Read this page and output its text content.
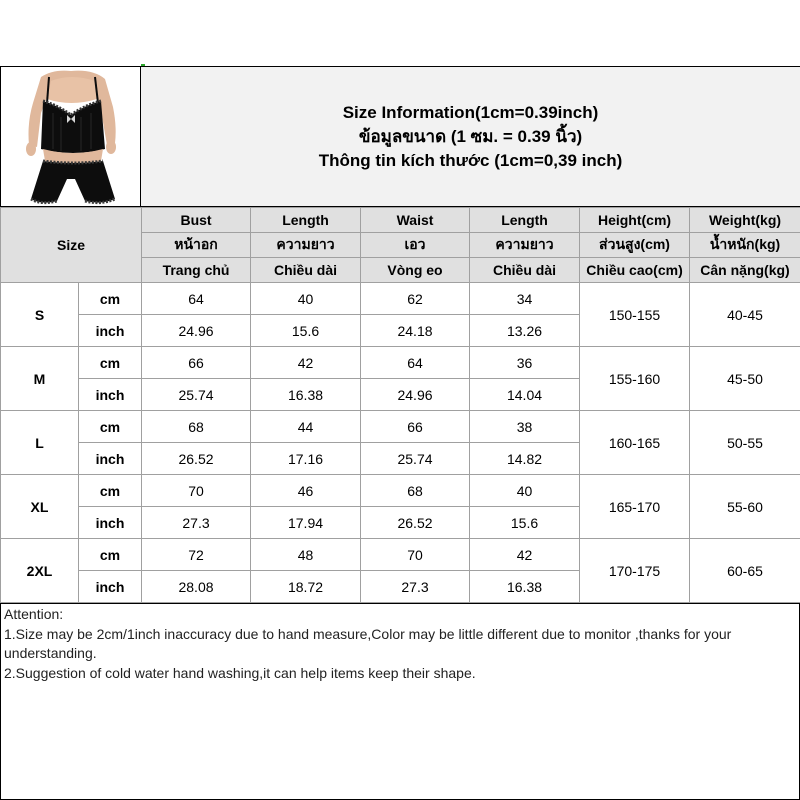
Size Information(1cm=0.39inch)
ข้อมูลขนาด (1 ซม. = 0.39 นิ้ว)
Thông tin kích thước (1cm=0,39 inch)
Size		Bust	Length	Waist	Length	Height(cm)	Weight(kg)
		หน้าอก	ความยาว	เอว	ความยาว	ส่วนสูง(cm)	น้ำหนัก(kg)
		Trang chủ	Chiều dài	Vòng eo	Chiều dài	Chiều cao(cm)	Cân nặng(kg)
S	cm	64	40	62	34	150-155	40-45
	inch	24.96	15.6	24.18	13.26		
M	cm	66	42	64	36	155-160	45-50
	inch	25.74	16.38	24.96	14.04		
L	cm	68	44	66	38	160-165	50-55
	inch	26.52	17.16	25.74	14.82		
XL	cm	70	46	68	40	165-170	55-60
	inch	27.3	17.94	26.52	15.6		
2XL	cm	72	48	70	42	170-175	60-65
	inch	28.08	18.72	27.3	16.38		
Attention:
1.Size may be 2cm/1inch inaccuracy due to hand measure,Color may be little different due to monitor ,thanks for your understanding.
2.Suggestion of cold water hand washing,it can help items keep their shape.
